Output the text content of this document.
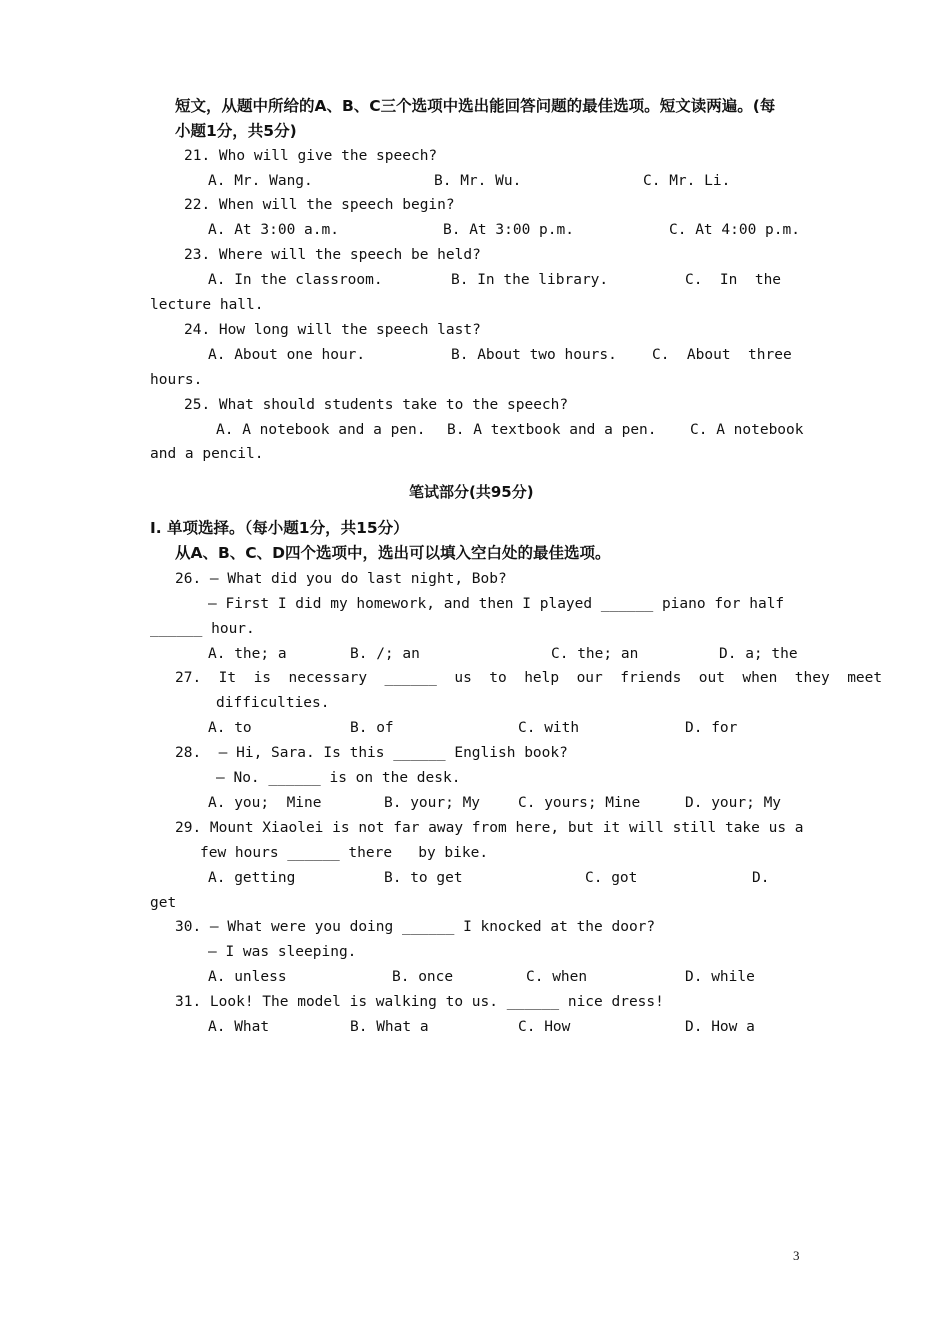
短文，从题中所给的A、B、C三个选项中选出能回答问题的最佳选项。短文读两遍。(每
小题1分，共5分)
21. Who will give the speech?
A. Mr. Wang.	B. Mr. Wu.	C. Mr. Li.
22. When will the speech begin?
A. At 3:00 a.m.	B. At 3:00 p.m.	C. At 4:00 p.m.
23. Where will the speech be held?
A. In the classroom.	B. In the library.	C.  In  the
lecture hall.
24. How long will the speech last?
A. About one hour.	B. About two hours. C.  About  three
hours.
25. What should students take to the speech?
A. A notebook and a pen. B. A textbook and a pen. C. A notebook
and a pencil.
笔试部分(共95分)
I. 单项选择。（每小题1分，共15分）
从A、B、C、D四个选项中，选出可以填入空白处的最佳选项。
26. — What did you do last night, Bob?
— First I did my homework, and then I played ______ piano for half
______ hour.
A. the; a	B. /; an	C. the; an	D. a; the
27.  It  is  necessary  ______  us  to  help  our  friends  out  when  they  meet
difficulties.
A. to	B. of	C. with	D. for
28.  — Hi, Sara. Is this ______ English book?
— No. ______ is on the desk.
A. you;  Mine	B. your; My	C. yours; Mine	D. your; My
29. Mount Xiaolei is not far away from here, but it will still take us a
few hours ______ there   by bike.
A. getting	B. to get	C. got	D.
get
30. — What were you doing ______ I knocked at the door?
— I was sleeping.
A. unless	B. once	C. when	D. while
31. Look! The model is walking to us. ______ nice dress!
A. What	B. What a	C. How	D. How a
3
